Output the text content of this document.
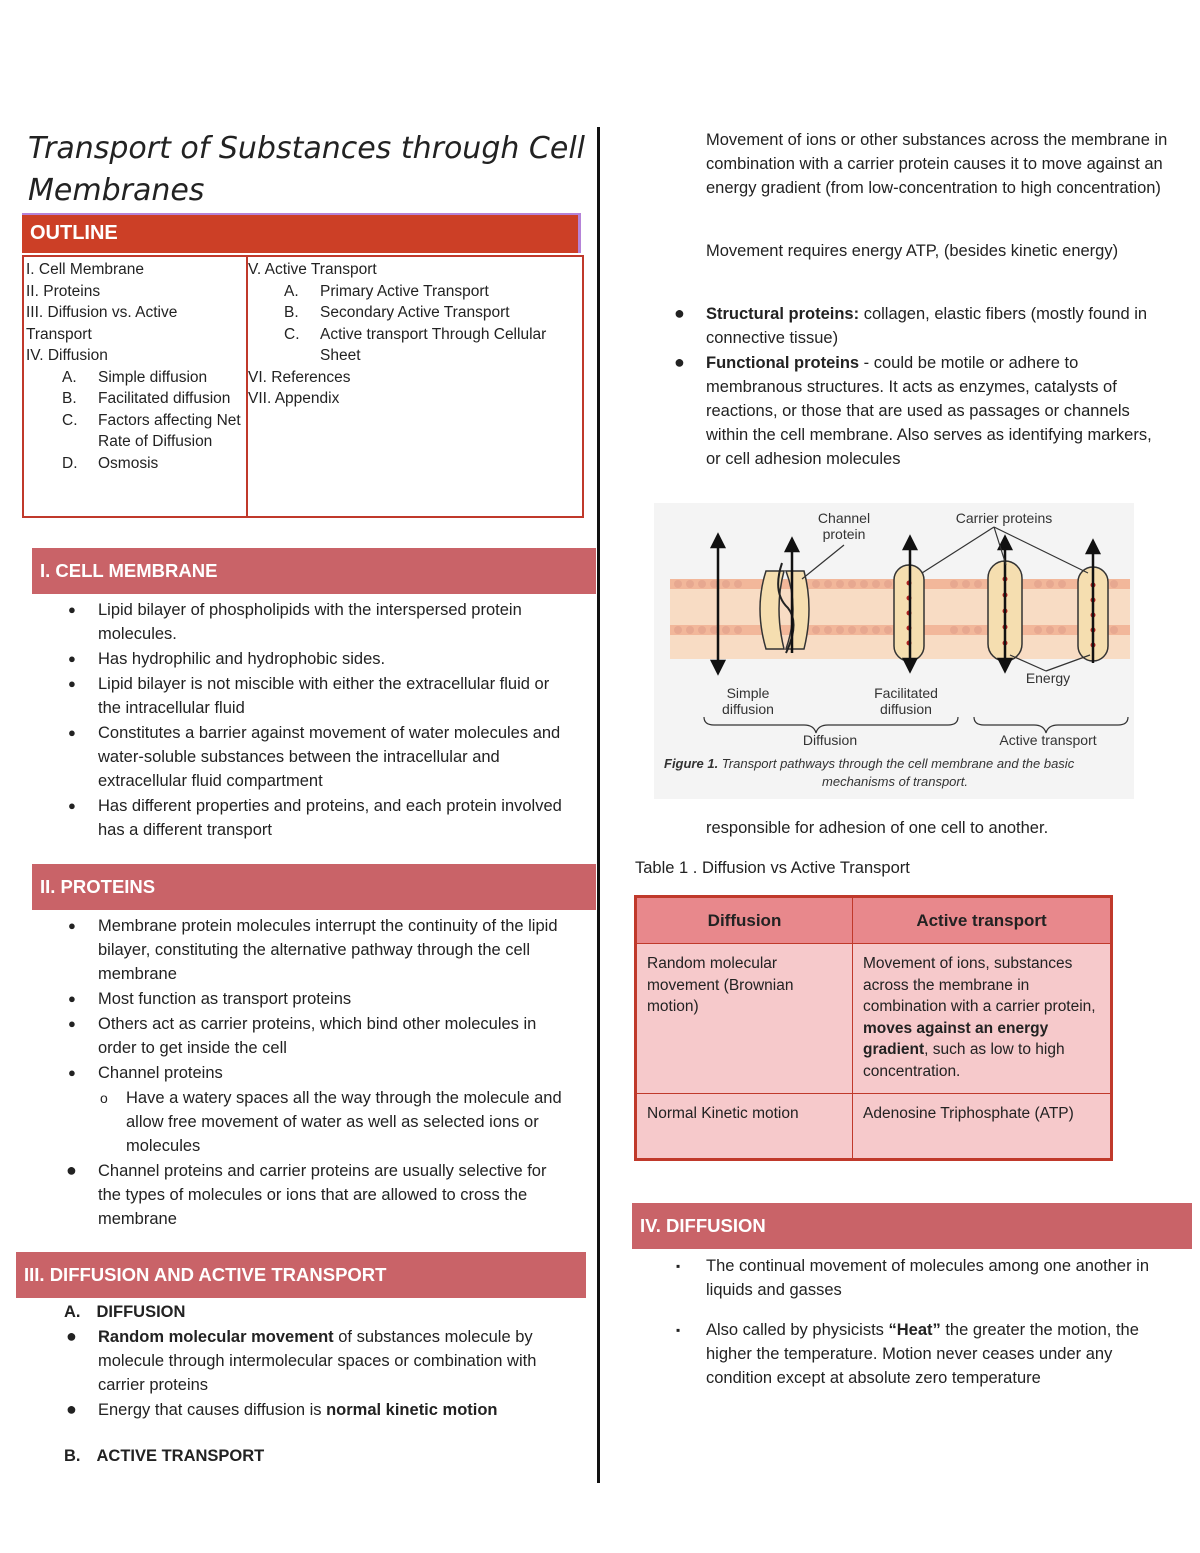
Transport of Substances through Cell Membranes
OUTLINE
I. Cell Membrane
II. Proteins
III. Diffusion vs. Active Transport
IV. Diffusion
A.	Simple diffusion
B.	Facilitated diffusion
C.	Factors affecting Net Rate of Diffusion
D.	Osmosis
V. Active Transport
A.	Primary Active Transport
B.	Secondary Active Transport
C.	Active transport Through Cellular Sheet
VI. References
VII. Appendix
I. CELL MEMBRANE
● Lipid bilayer of phospholipids with the interspersed protein molecules.
● Has hydrophilic and hydrophobic sides.
● Lipid bilayer is not miscible with either the extracellular fluid or the intracellular fluid
● Constitutes a barrier against movement of water molecules and water-soluble substances between the intracellular and extracellular fluid compartment
● Has different properties and proteins, and each protein involved has a different transport
II. PROTEINS
● Membrane protein molecules interrupt the continuity of the lipid bilayer, constituting the alternative pathway through the cell membrane
● Most function as transport proteins
● Others act as carrier proteins, which bind other molecules in order to get inside the cell
● Channel proteins
o Have a watery spaces all the way through the molecule and allow free movement of water as well as selected ions or molecules
● Channel proteins and carrier proteins are usually selective for the types of molecules or ions that are allowed to cross the membrane
III. DIFFUSION AND ACTIVE TRANSPORT
A. DIFFUSION
● Random molecular movement of substances molecule by molecule through intermolecular spaces or combination with carrier proteins
● Energy that causes diffusion is normal kinetic motion
B. ACTIVE TRANSPORT
Movement of ions or other substances across the membrane in combination with a carrier protein causes it to move against an energy gradient (from low-concentration to high concentration)
Movement requires energy ATP, (besides kinetic energy)
● Structural proteins: collagen, elastic fibers (mostly found in connective tissue)
● Functional proteins - could be motile or adhere to membranous structures. It acts as enzymes, catalysts of reactions, or those that are used as passages or channels within the cell membrane. Also serves as identifying markers, or cell adhesion molecules
Channel
protein
Carrier proteins
Energy
Simple
diffusion
Facilitated
diffusion
Diffusion	Active transport
Figure 1. Transport pathways through the cell membrane and the basic
mechanisms of transport.
responsible for adhesion of one cell to another.
Table 1 . Diffusion vs Active Transport
Diffusion	Active transport
Random molecular movement (Brownian motion)	Movement of ions, substances across the membrane in combination with a carrier protein, moves against an energy gradient, such as low to high concentration.
Normal Kinetic motion	Adenosine Triphosphate (ATP)
IV. DIFFUSION
▪ The continual movement of molecules among one another in liquids and gasses
▪ Also called by physicists “Heat” the greater the motion, the higher the temperature. Motion never ceases under any condition except at absolute zero temperature
